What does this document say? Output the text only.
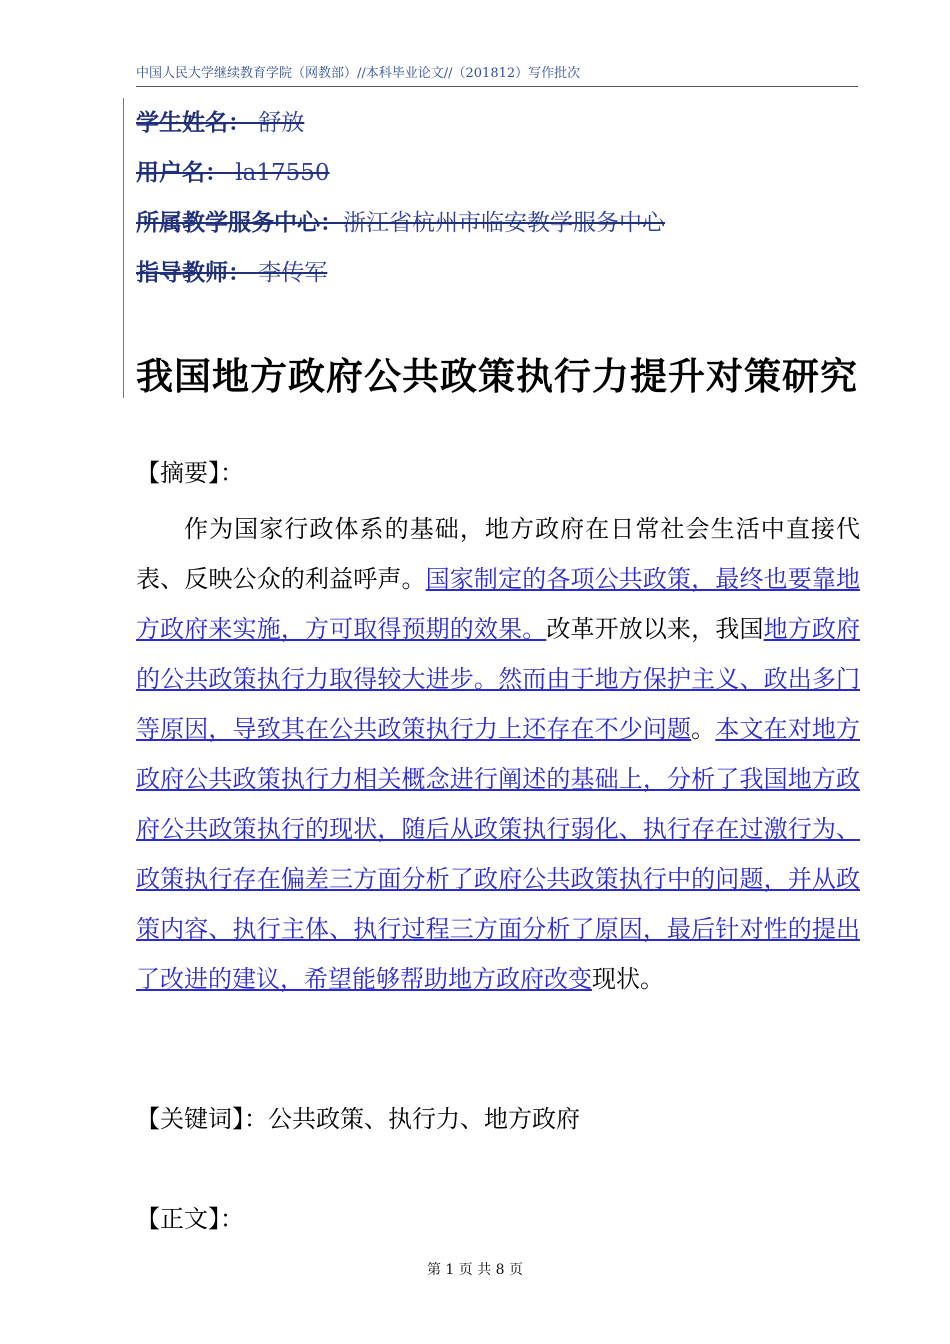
中国人民大学继续教育学院（网教部）//本科毕业论文//（201812）写作批次
学生姓名： 舒放
用户名： la17550
所属教学服务中心：浙江省杭州市临安教学服务中心
指导教师： 李传军
我国地方政府公共政策执行力提升对策研究
【摘要】：
作为国家行政体系的基础，地方政府在日常社会生活中直接代表、反映公众的利益呼声。国家制定的各项公共政策，最终也要靠地方政府来实施，方可取得预期的效果。改革开放以来，我国地方政府的公共政策执行力取得较大进步。然而由于地方保护主义、政出多门等原因，导致其在公共政策执行力上还存在不少问题。本文在对地方政府公共政策执行力相关概念进行阐述的基础上，分析了我国地方政府公共政策执行的现状，随后从政策执行弱化、执行存在过激行为、政策执行存在偏差三方面分析了政府公共政策执行中的问题，并从政策内容、执行主体、执行过程三方面分析了原因，最后针对性的提出了改进的建议，希望能够帮助地方政府改变现状。
【关键词】：公共政策、执行力、地方政府
【正文】：
第 1 页 共 8 页
